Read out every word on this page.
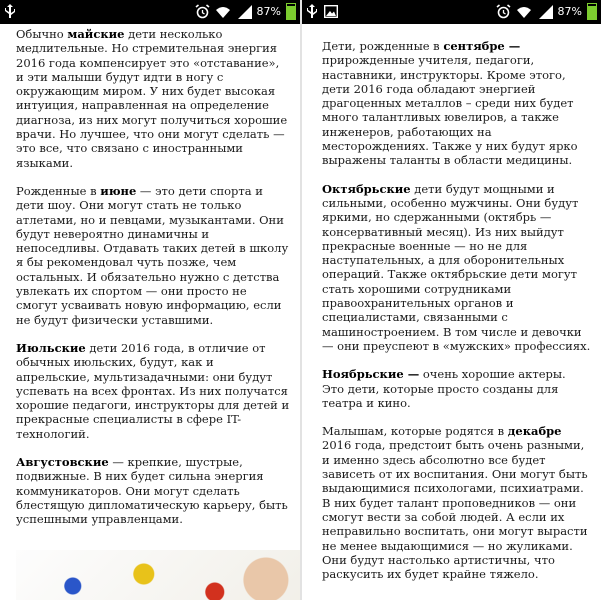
87%

Обычно майские дети несколько медлительные. Но стремительная энергия 2016 года компенсирует это «отставание», и эти малыши будут идти в ногу с окружающим миром. У них будет высокая интуиция, направленная на определение диагноза, из них могут получиться хорошие врачи. Но лучшее, что они могут сделать — это все, что связано с иностранными языками.

Рожденные в июне — это дети спорта и дети шоу. Они могут стать не только атлетами, но и певцами, музыкантами. Они будут невероятно динамичны и непоседливы. Отдавать таких детей в школу я бы рекомендовал чуть позже, чем остальных. И обязательно нужно с детства увлекать их спортом — они просто не смогут усваивать новую информацию, если не будут физически уставшими.

Июльские дети 2016 года, в отличие от обычных июльских, будут, как и апрельские, мультизадачными: они будут успевать на всех фронтах. Из них получатся хорошие педагоги, инструкторы для детей и прекрасные специалисты в сфере IT-технологий.

Августовские — крепкие, шустрые, подвижные. В них будет сильна энергия коммуникаторов. Они могут сделать блестящую дипломатическую карьеру, быть успешными управленцами.

87%

Дети, рожденные в сентябре — прирожденные учителя, педагоги, наставники, инструкторы. Кроме этого, дети 2016 года обладают энергией драгоценных металлов – среди них будет много талантливых ювелиров, а также инженеров, работающих на месторождениях. Также у них будут ярко выражены таланты в области медицины.

Октябрьские дети будут мощными и сильными, особенно мужчины. Они будут яркими, но сдержанными (октябрь — консервативный месяц). Из них выйдут прекрасные военные — но не для наступательных, а для оборонительных операций. Также октябрьские дети могут стать хорошими сотрудниками правоохранительных органов и специалистами, связанными с машиностроением. В том числе и девочки — они преуспеют в «мужских» профессиях.

Ноябрьские — очень хорошие актеры. Это дети, которые просто созданы для театра и кино.

Малышам, которые родятся в декабре 2016 года, предстоит быть очень разными, и именно здесь абсолютно все будет зависеть от их воспитания. Они могут быть выдающимися психологами, психиатрами. В них будет талант проповедников — они смогут вести за собой людей. А если их неправильно воспитать, они могут вырасти не менее выдающимися — но жуликами. Они будут настолько артистичны, что раскусить их будет крайне тяжело.
